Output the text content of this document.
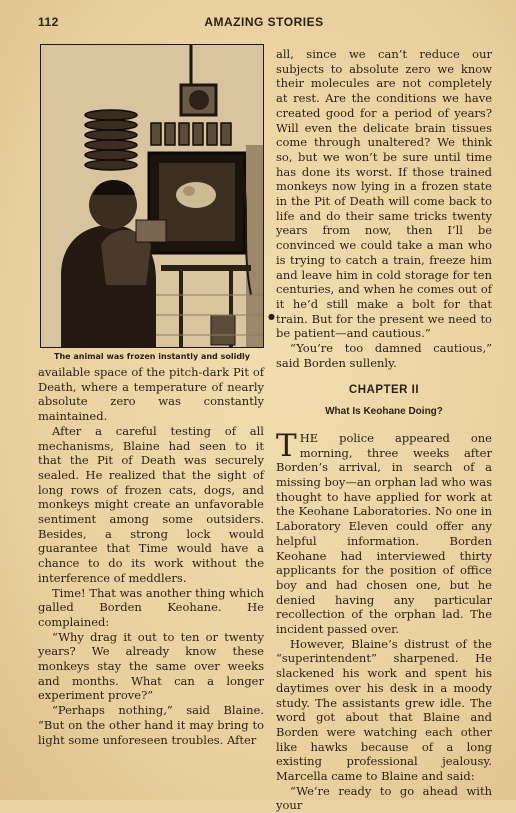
112	AMAZING STORIES
The animal was frozen instantly and solidly

available space of the pitch-dark Pit of Death, where a temperature of nearly absolute zero was constantly maintained.

After a careful testing of all mechanisms, Blaine had seen to it that the Pit of Death was securely sealed. He realized that the sight of long rows of frozen cats, dogs, and monkeys might create an unfavorable sentiment among some outsiders. Besides, a strong lock would guarantee that Time would have a chance to do its work without the interference of meddlers.

Time! That was another thing which galled Borden Keohane. He complained:

“Why drag it out to ten or twenty years? We already know these monkeys stay the same over weeks and months. What can a longer experiment prove?”

“Perhaps nothing,” said Blaine. “But on the other hand it may bring to light some unforeseen troubles. After

●

all, since we can’t reduce our subjects to absolute zero we know their molecules are not completely at rest. Are the conditions we have created good for a period of years? Will even the delicate brain tissues come through unaltered? We think so, but we won’t be sure until time has done its worst. If those trained monkeys now lying in a frozen state in the Pit of Death will come back to life and do their same tricks twenty years from now, then I’ll be convinced we could take a man who is trying to catch a train, freeze him and leave him in cold storage for ten centuries, and when he comes out of it he’d still make a bolt for that train. But for the present we need to be patient—and cautious.”

“You’re too damned cautious,” said Borden sullenly.

CHAPTER II
What Is Keohane Doing?

THE police appeared one morning, three weeks after Borden’s arrival, in search of a missing boy—an orphan lad who was thought to have applied for work at the Keohane Laboratories. No one in Laboratory Eleven could offer any helpful information. Borden Keohane had interviewed thirty applicants for the position of office boy and had chosen one, but he denied having any particular recollection of the orphan lad. The incident passed over.

However, Blaine’s distrust of the “superintendent” sharpened. He slackened his work and spent his daytimes over his desk in a moody study. The assistants grew idle. The word got about that Blaine and Borden were watching each other like hawks because of a long existing professional jealousy. Marcella came to Blaine and said:

“We’re ready to go ahead with your
